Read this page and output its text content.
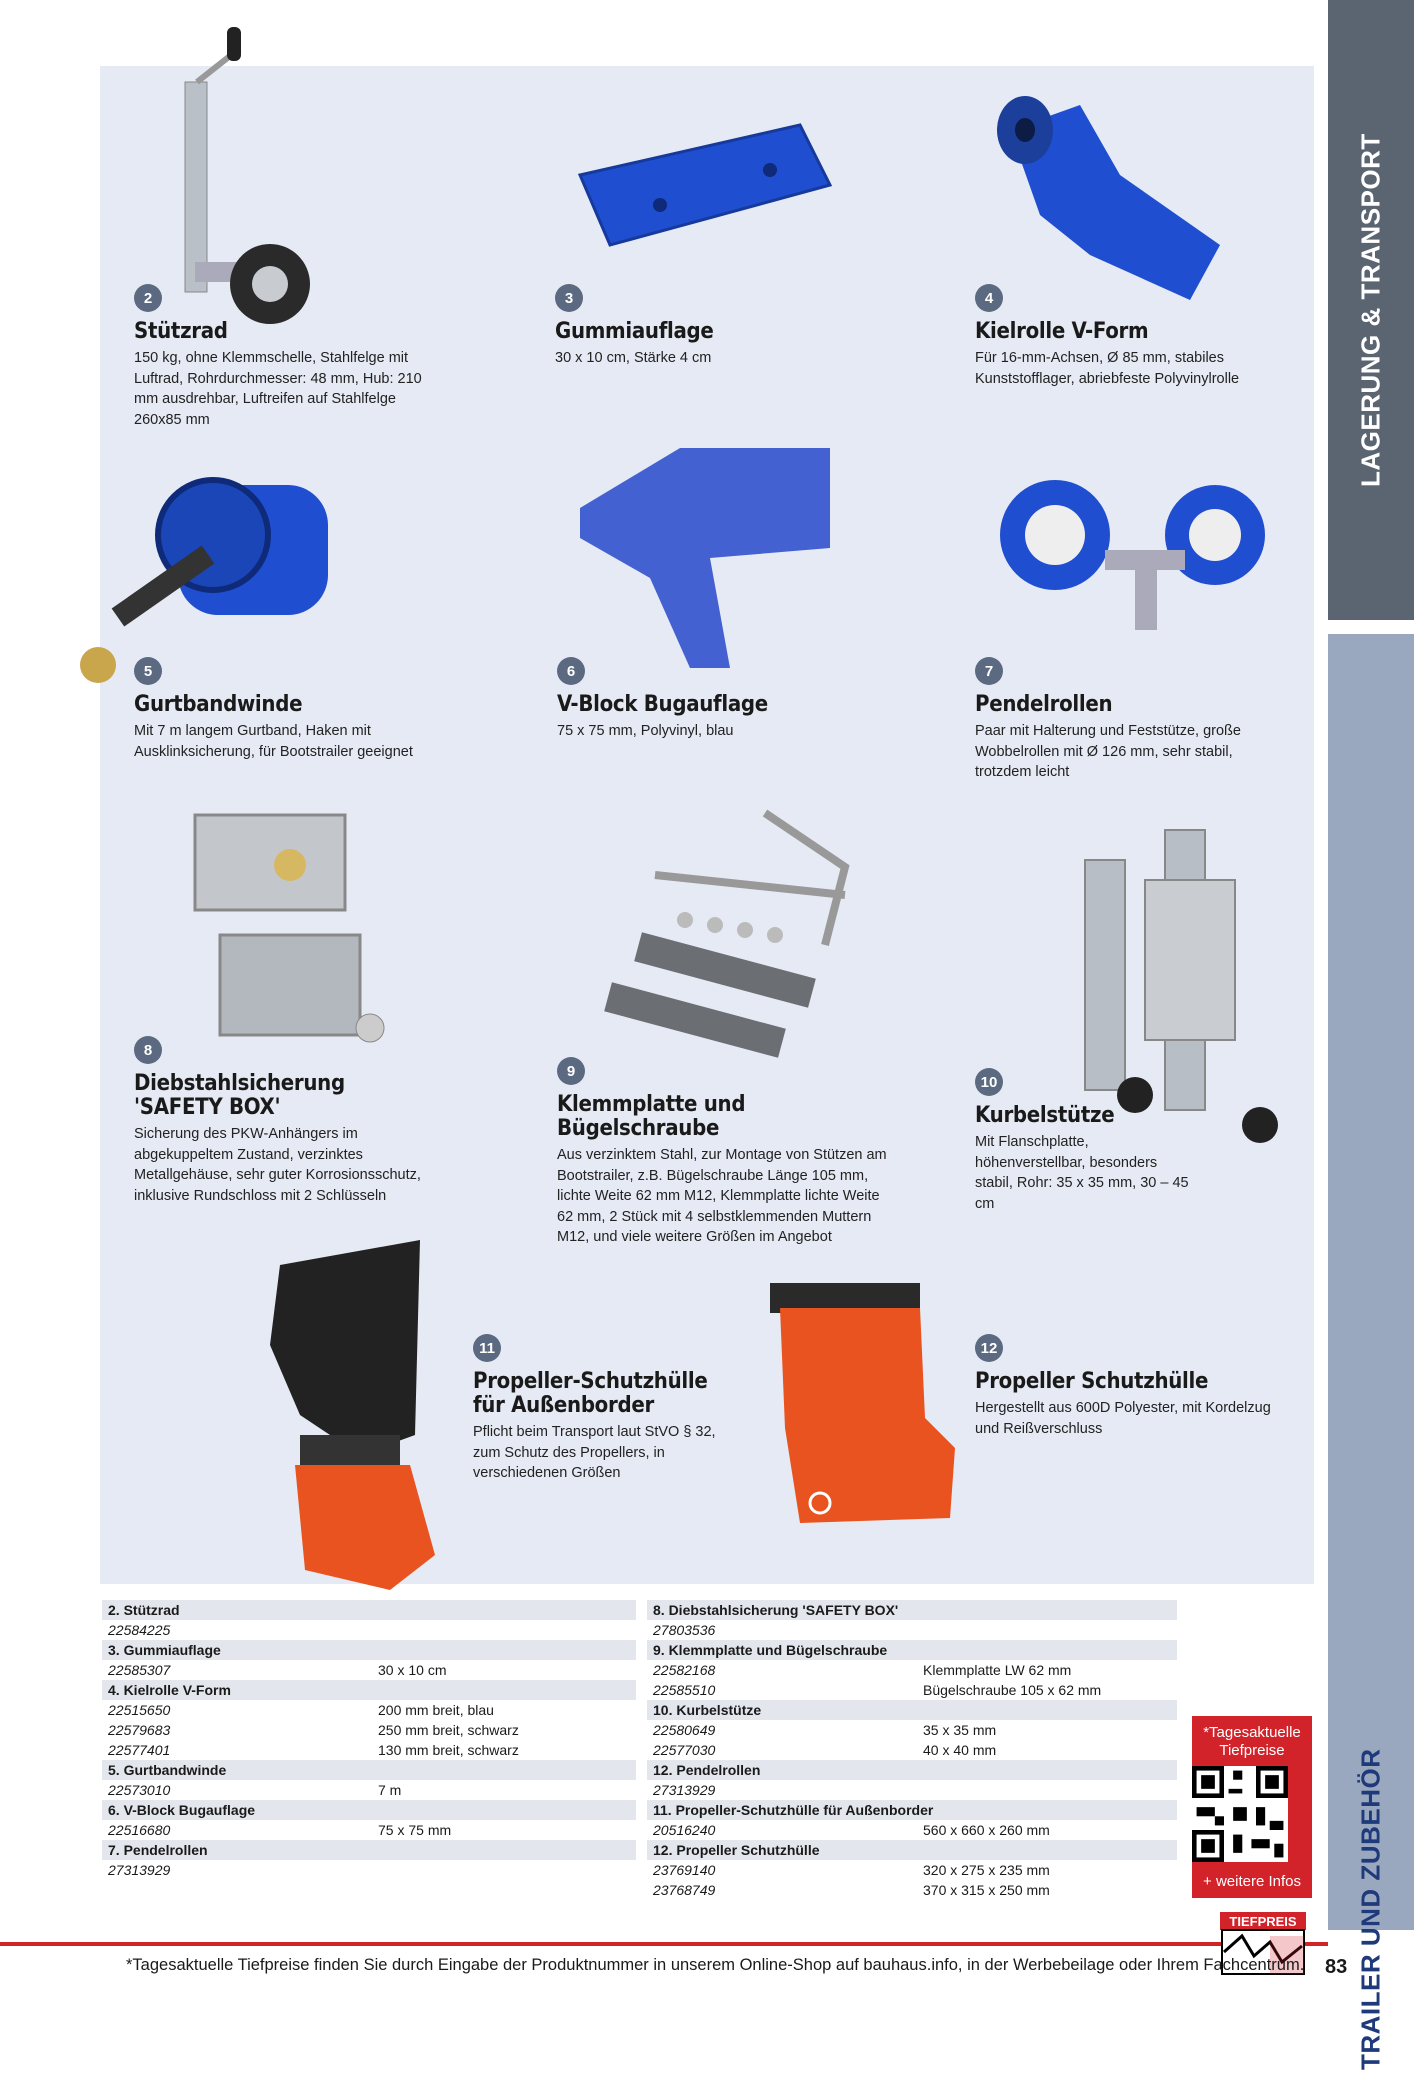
LAGERUNG & TRANSPORT
TRAILER UND ZUBEHÖR
2
Stützrad
150 kg, ohne Klemmschelle, Stahlfelge mit Luftrad, Rohrdurchmesser: 48 mm, Hub: 210 mm ausdrehbar, Luftreifen auf Stahlfelge 260x85 mm
3
Gummiauflage
30 x 10 cm, Stärke 4 cm
4
Kielrolle V-Form
Für 16-mm-Achsen, Ø 85 mm, stabiles Kunststofflager, abriebfeste Polyvinylrolle
5
Gurtbandwinde
Mit 7 m langem Gurtband, Haken mit Ausklinksicherung, für Bootstrailer geeignet
6
V-Block Bugauflage
75 x 75 mm, Polyvinyl, blau
7
Pendelrollen
Paar mit Halterung und Feststütze, große Wobbelrollen mit Ø 126 mm, sehr stabil, trotzdem leicht
8
Diebstahlsicherung 'SAFETY BOX'
Sicherung des PKW-Anhängers im abgekuppeltem Zustand, verzinktes Metallgehäuse, sehr guter Korrosionsschutz, inklusive Rundschloss mit 2 Schlüsseln
9
Klemmplatte und Bügelschraube
Aus verzinktem Stahl, zur Montage von Stützen am Bootstrailer, z.B. Bügelschraube Länge 105 mm, lichte Weite 62 mm M12, Klemmplatte lichte Weite 62 mm, 2 Stück mit 4 selbstklemmenden Muttern M12, und viele weitere Größen im Angebot
10
Kurbelstütze
Mit Flanschplatte, höhenverstellbar, besonders stabil, Rohr: 35 x 35 mm, 30 – 45 cm
11
Propeller-Schutzhülle für Außenborder
Pflicht beim Transport laut StVO § 32, zum Schutz des Propellers, in verschiedenen Größen
12
Propeller Schutzhülle
Hergestellt aus 600D Polyester, mit Kordelzug und Reißverschluss
2. Stützrad
22584225
3. Gummiauflage
22585307	30 x 10 cm
4. Kielrolle V-Form
22515650	200 mm breit, blau
22579683	250 mm breit, schwarz
22577401	130 mm breit, schwarz
5. Gurtbandwinde
22573010	7 m
6. V-Block Bugauflage
22516680	75 x 75 mm
7. Pendelrollen
27313929
8. Diebstahlsicherung 'SAFETY BOX'
27803536
9. Klemmplatte und Bügelschraube
22582168	Klemmplatte LW 62 mm
22585510	Bügelschraube 105 x 62 mm
10. Kurbelstütze
22580649	35 x 35 mm
22577030	40 x 40 mm
12. Pendelrollen
27313929
11. Propeller-Schutzhülle für Außenborder
20516240	560 x 660 x 260 mm
12. Propeller Schutzhülle
23769140	320 x 275 x 235 mm
23768749	370 x 315 x 250 mm
*Tagesaktuelle Tiefpreise
+ weitere Infos
TIEFPREIS
*Tagesaktuelle Tiefpreise finden Sie durch Eingabe der Produktnummer in unserem Online-Shop auf bauhaus.info, in der Werbebeilage oder Ihrem Fachcentrum. 83
